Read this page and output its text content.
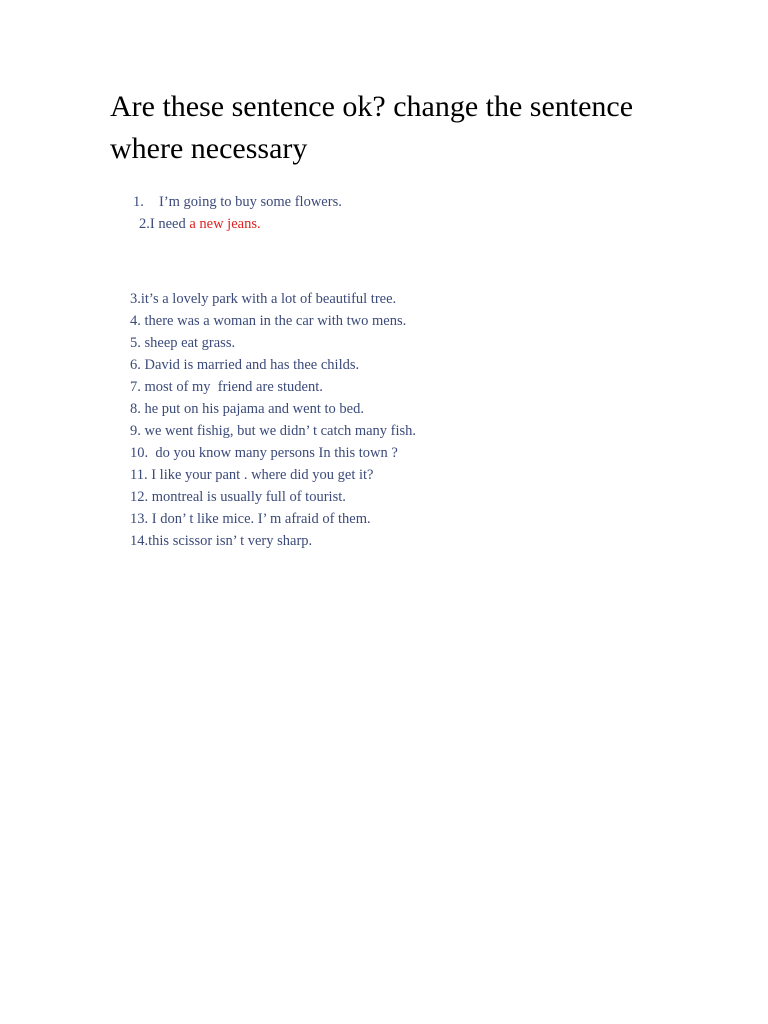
Are these sentence ok? change the sentence where necessary
1. I’m going to buy some flowers.
2.I need a new jeans.
3.it’s a lovely park with a lot of beautiful tree.
4. there was a woman in the car with two mens.
5. sheep eat grass.
6. David is married and has thee childs.
7. most of my  friend are student.
8. he put on his pajama and went to bed.
9. we went fishig, but we didn’ t catch many fish.
10.  do you know many persons In this town ?
11. I like your pant . where did you get it?
12. montreal is usually full of tourist.
13. I don’ t like mice. I’ m afraid of them.
14.this scissor isn’ t very sharp.
